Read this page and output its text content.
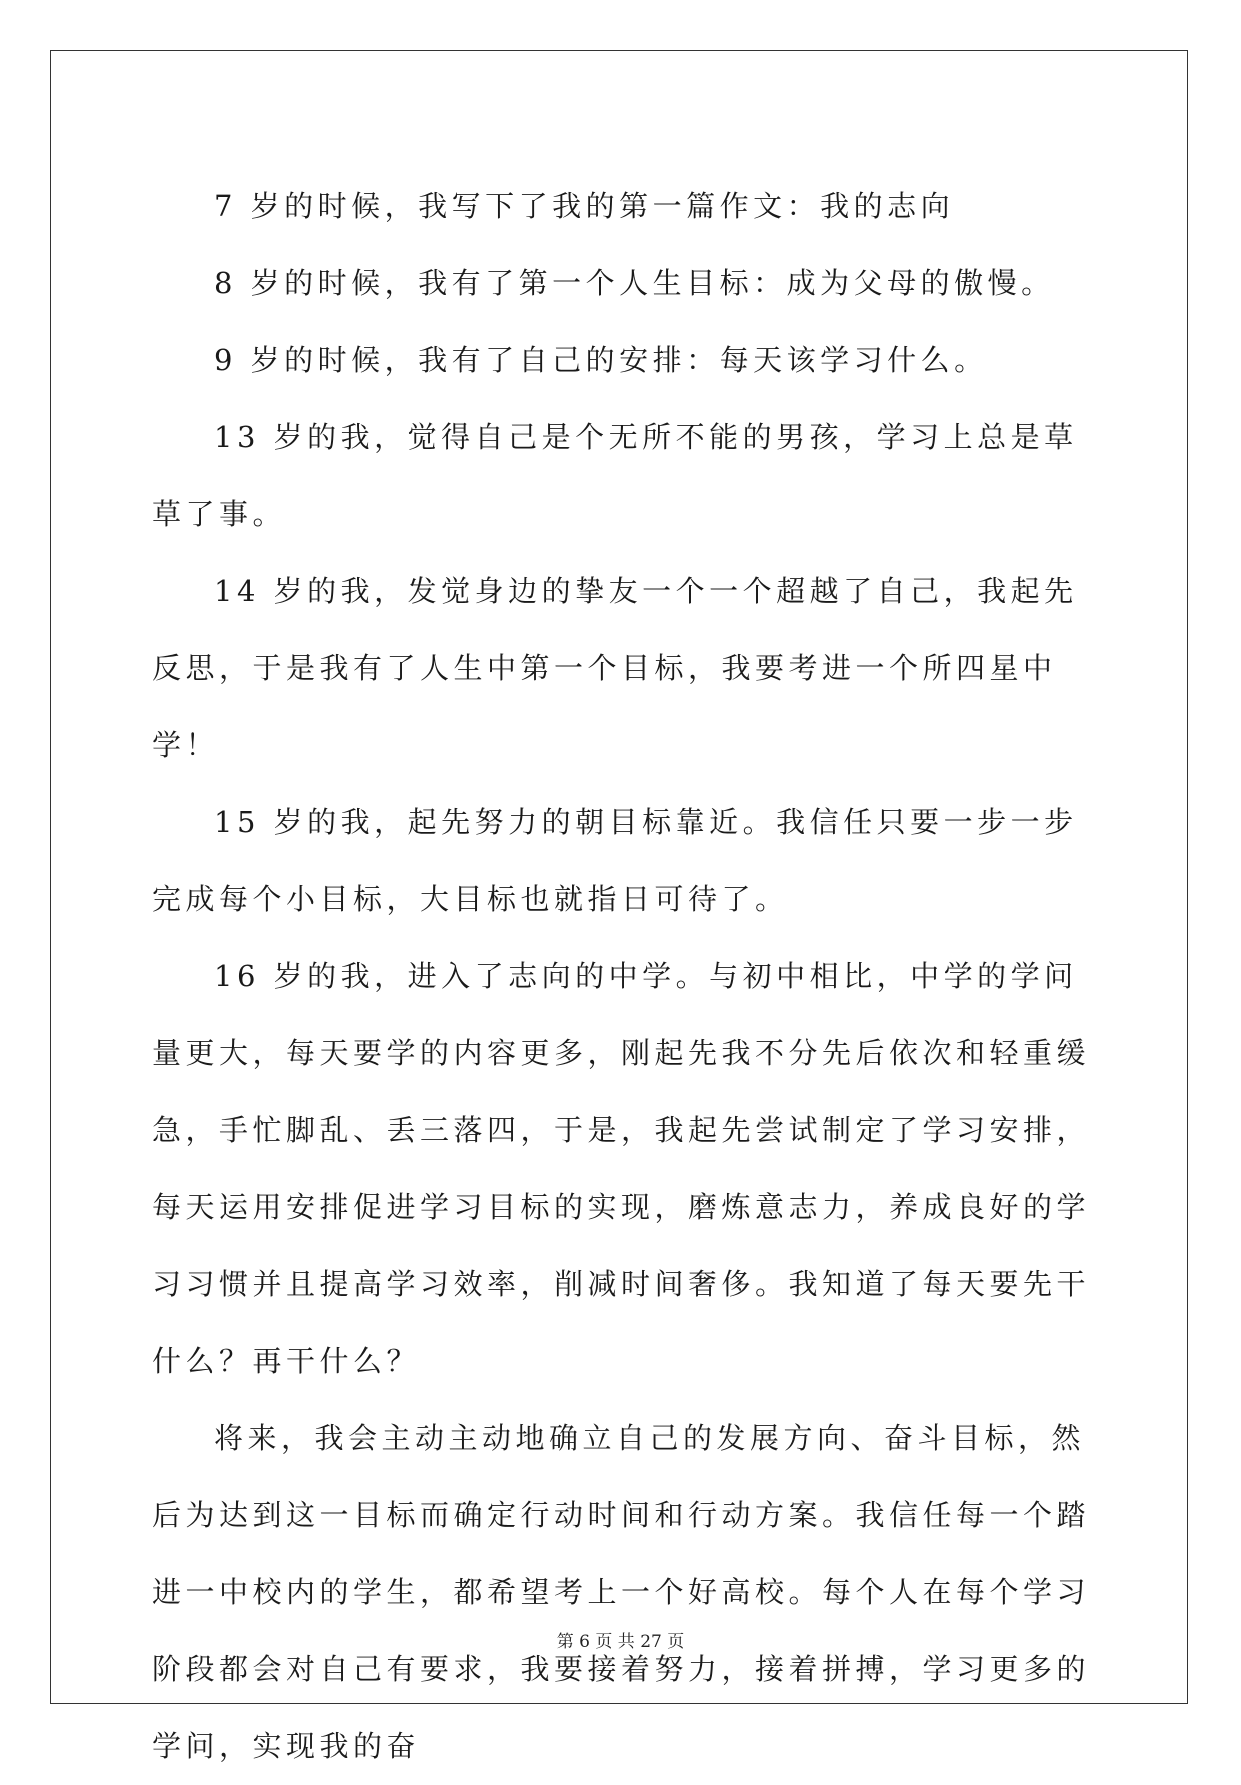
7 岁的时候，我写下了我的第一篇作文：我的志向

8 岁的时候，我有了第一个人生目标：成为父母的傲慢。

9 岁的时候，我有了自己的安排：每天该学习什么。

13 岁的我，觉得自己是个无所不能的男孩，学习上总是草草了事。

14 岁的我，发觉身边的挚友一个一个超越了自己，我起先反思，于是我有了人生中第一个目标，我要考进一个所四星中学！

15 岁的我，起先努力的朝目标靠近。我信任只要一步一步完成每个小目标，大目标也就指日可待了。

16 岁的我，进入了志向的中学。与初中相比，中学的学问量更大，每天要学的内容更多，刚起先我不分先后依次和轻重缓急，手忙脚乱、丢三落四，于是，我起先尝试制定了学习安排，每天运用安排促进学习目标的实现，磨炼意志力，养成良好的学习习惯并且提高学习效率，削减时间奢侈。我知道了每天要先干什么？再干什么？

将来，我会主动主动地确立自己的发展方向、奋斗目标，然后为达到这一目标而确定行动时间和行动方案。我信任每一个踏进一中校内的学生，都希望考上一个好高校。每个人在每个学习阶段都会对自己有要求，我要接着努力，接着拼搏，学习更多的学问，实现我的奋

第 6 页 共 27 页
